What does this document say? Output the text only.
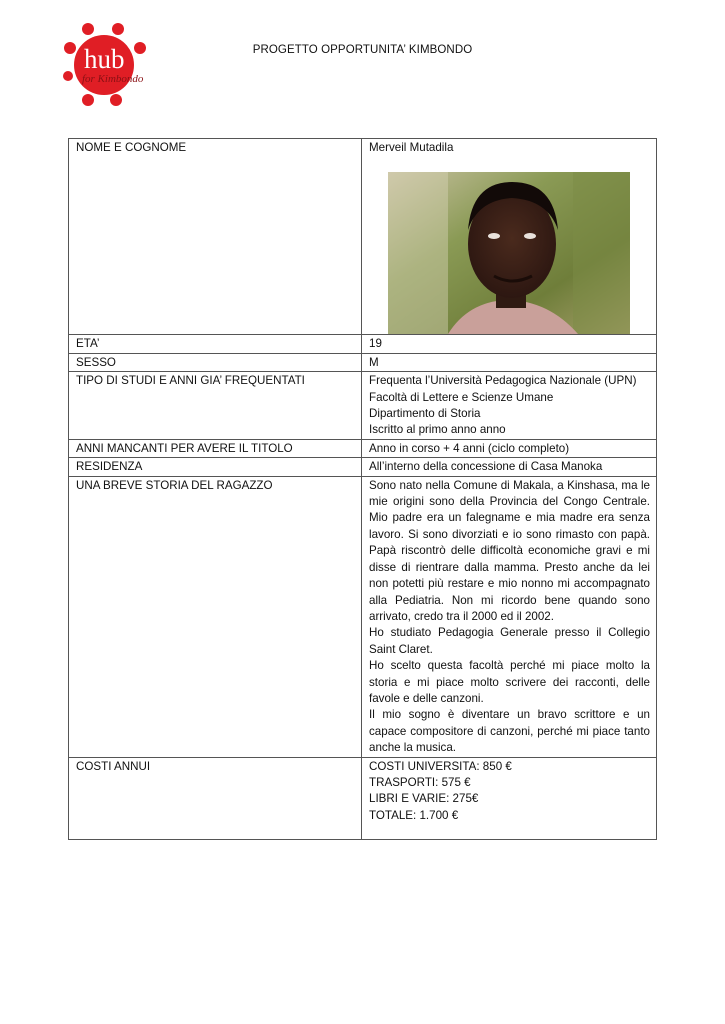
hub
for Kimbondo
PROGETTO OPPORTUNITA’ KIMBONDO
NOME E COGNOME	Merveil Mutadila

ETA’	19
SESSO	M
TIPO DI STUDI E ANNI GIA’ FREQUENTATI	Frequenta l’Università Pedagogica Nazionale (UPN)
Facoltà di Lettere e Scienze Umane
Dipartimento di Storia
Iscritto al primo anno anno

ANNI MANCANTI PER AVERE IL TITOLO	Anno in corso + 4 anni (ciclo completo)
RESIDENZA	All’interno della concessione di Casa Manoka
UNA BREVE STORIA DEL RAGAZZO	Sono nato nella Comune di Makala, a Kinshasa, ma le mie origini sono della Provincia del Congo Centrale. Mio padre era un falegname e mia madre era senza lavoro. Si sono divorziati e io sono rimasto con papà. Papà riscontrò delle difficoltà economiche gravi e mi disse di rientrare dalla mamma. Presto anche da lei non potetti più restare e mio nonno mi accompagnato alla Pediatria. Non mi ricordo bene quando sono arrivato, credo tra il 2000 ed il 2002.
Ho studiato Pedagogia Generale presso il Collegio Saint Claret.
Ho scelto questa facoltà perché mi piace molto la storia e mi piace molto scrivere dei racconti, delle favole e delle canzoni.
Il mio sogno è diventare un bravo scrittore e un capace compositore di canzoni, perché mi piace tanto anche la musica.

COSTI ANNUI	COSTI UNIVERSITA: 850 €
TRASPORTI: 575 €
LIBRI E VARIE: 275€
TOTALE: 1.700 €
